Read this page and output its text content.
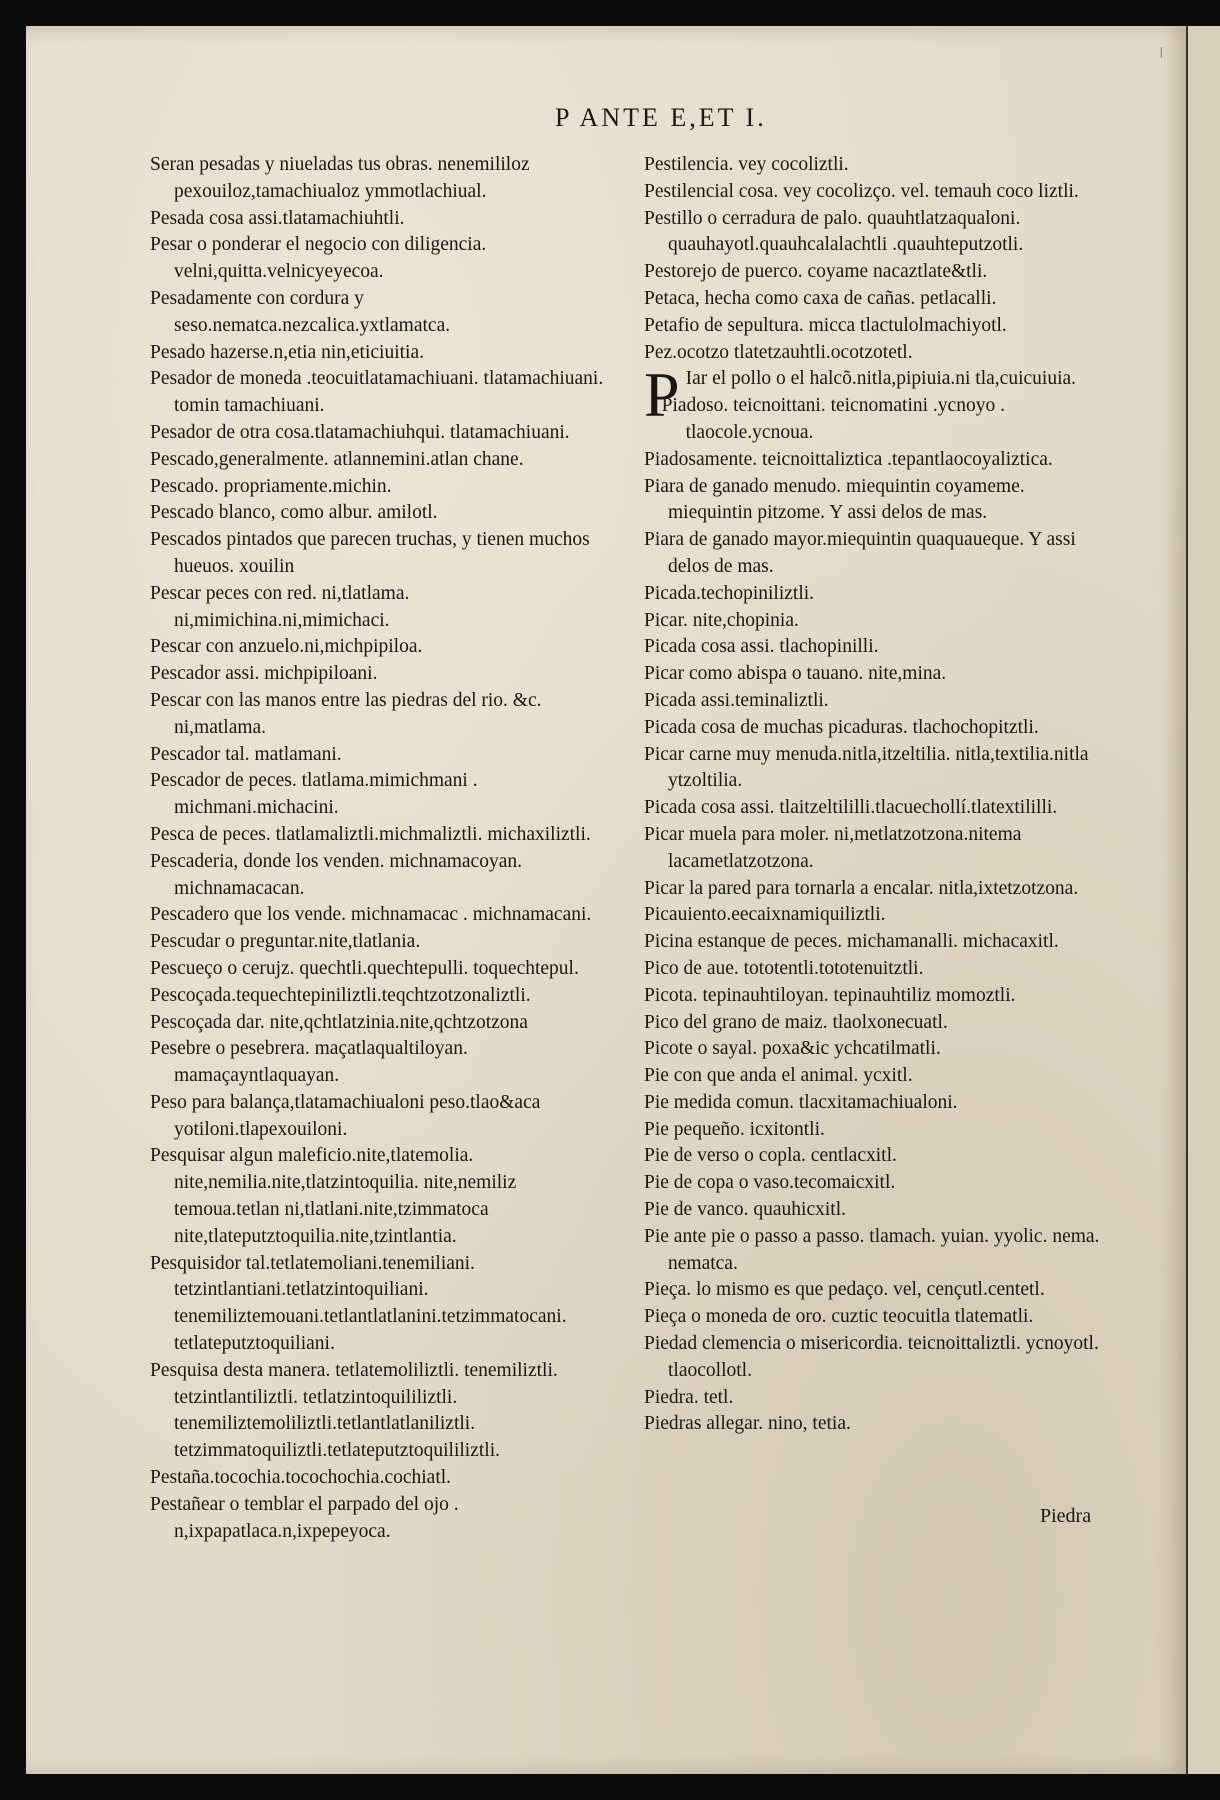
|
P ANTE E,ET I.
Seran pesadas y niueladas tus obras. nenemililoz pexouiloz,tamachiualoz ymmotlachiual.
Pesada cosa assi.tlatamachiuhtli.
Pesar o ponderar el negocio con diligencia. velni,quitta.velnicyeyecoa.
Pesadamente con cordura y seso.nematca.nezcalica.yxtlamatca.
Pesado hazerse.n,etia nin,eticiuitia.
Pesador de moneda .teocuitlatamachiuani. tlatamachiuani. tomin tamachiuani.
Pesador de otra cosa.tlatamachiuhqui. tlatamachiuani.
Pescado,generalmente. atlannemini.atlan chane.
Pescado. propriamente.michin.
Pescado blanco, como albur. amilotl.
Pescados pintados que parecen truchas, y tienen muchos hueuos. xouilin
Pescar peces con red. ni,tlatlama. ni,mimichina.ni,mimichaci.
Pescar con anzuelo.ni,michpipiloa.
Pescador assi. michpipiloani.
Pescar con las manos entre las piedras del rio. &c. ni,matlama.
Pescador tal. matlamani.
Pescador de peces. tlatlama.mimichmani . michmani.michacini.
Pesca de peces. tlatlamaliztli.michmaliztli. michaxiliztli.
Pescaderia, donde los venden. michnamacoyan. michnamacacan.
Pescadero que los vende. michnamacac . michnamacani.
Pescudar o preguntar.nite,tlatlania.
Pescueço o cerujz. quechtli.quechtepulli. toquechtepul.
Pescoçada.tequechtepiniliztli.teqchtzotzonaliztli.
Pescoçada dar. nite,qchtlatzinia.nite,qchtzotzona
Pesebre o pesebrera. maçatlaqualtiloyan. mamaçayntlaquayan.
Peso para balança,tlatamachiualoni peso.tlao&aca yotiloni.tlapexouiloni.
Pesquisar algun maleficio.nite,tlatemolia. nite,nemilia.nite,tlatzintoquilia. nite,nemiliz temoua.tetlan ni,tlatlani.nite,tzimmatoca nite,tlateputztoquilia.nite,tzintlantia.
Pesquisidor tal.tetlatemoliani.tenemiliani. tetzintlantiani.tetlatzintoquiliani. tenemiliztemouani.tetlantlatlanini.tetzimmatocani. tetlateputztoquiliani.
Pesquisa desta manera. tetlatemoliliztli. tenemiliztli. tetzintlantiliztli. tetlatzintoquililiztli. tenemiliztemoliliztli.tetlantlatlaniliztli. tetzimmatoquiliztli.tetlateputztoquililiztli.
Pestaña.tocochia.tocochochia.cochiatl.
Pestañear o temblar el parpado del ojo . n,ixpapatlaca.n,ixpepeyoca.
Pestilencia. vey cocoliztli.
Pestilencial cosa. vey cocolizço. vel. temauh coco liztli.
Pestillo o cerradura de palo. quauhtlatzaqualoni. quauhayotl.quauhcalalachtli .quauhteputzotli.
Pestorejo de puerco. coyame nacaztlate&tli.
Petaca, hecha como caxa de cañas. petlacalli.
Petafio de sepultura. micca tlactulolmachiyotl.
Pez.ocotzo tlatetzauhtli.ocotzotetl.
P Iar el pollo o el halcõ.nitla,pipiuia.ni tla,cuicuiuia.
Piadoso. teicnoittani. teicnomatini .ycnoyo . tlaocole.ycnoua.
Piadosamente. teicnoittaliztica .tepantlaocoyaliztica.
Piara de ganado menudo. miequintin coyameme. miequintin pitzome. Y assi delos de mas.
Piara de ganado mayor.miequintin quaquaueque. Y assi delos de mas.
Picada.techopiniliztli.
Picar. nite,chopinia.
Picada cosa assi. tlachopinilli.
Picar como abispa o tauano. nite,mina.
Picada assi.teminaliztli.
Picada cosa de muchas picaduras. tlachochopitztli.
Picar carne muy menuda.nitla,itzeltilia. nitla,textilia.nitla ytzoltilia.
Picada cosa assi. tlaitzeltililli.tlacuechollí.tlatextililli.
Picar muela para moler. ni,metlatzotzona.nitema lacametlatzotzona.
Picar la pared para tornarla a encalar. nitla,ixtetzotzona.
Picauiento.eecaixnamiquiliztli.
Picina estanque de peces. michamanalli. michacaxitl.
Pico de aue. tototentli.tototenuitztli.
Picota. tepinauhtiloyan. tepinauhtiliz momoztli.
Pico del grano de maiz. tlaolxonecuatl.
Picote o sayal. poxa&ic ychcatilmatli.
Pie con que anda el animal. ycxitl.
Pie medida comun. tlacxitamachiualoni.
Pie pequeño. icxitontli.
Pie de verso o copla. centlacxitl.
Pie de copa o vaso.tecomaicxitl.
Pie de vanco. quauhicxitl.
Pie ante pie o passo a passo. tlamach. yuian. yyolic. nema. nematca.
Pieça. lo mismo es que pedaço. vel, cençutl.centetl.
Pieça o moneda de oro. cuztic teocuitla tlatematli.
Piedad clemencia o misericordia. teicnoittaliztli. ycnoyotl. tlaocollotl.
Piedra. tetl.
Piedras allegar. nino, tetia.
Piedra
